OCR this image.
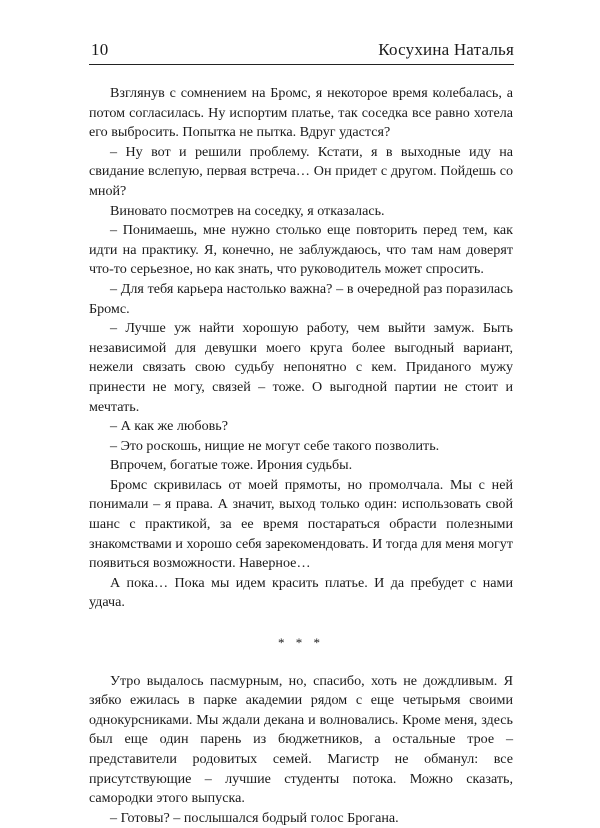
10	Косухина Наталья

Взглянув с сомнением на Бромс, я некоторое время колебалась, а потом согласилась. Ну испортим платье, так соседка все равно хотела его выбросить. Попытка не пытка. Вдруг удастся?

– Ну вот и решили проблему. Кстати, я в выходные иду на свидание вслепую, первая встреча… Он придет с другом. Пойдешь со мной?

Виновато посмотрев на соседку, я отказалась.

– Понимаешь, мне нужно столько еще повторить перед тем, как идти на практику. Я, конечно, не заблуждаюсь, что там нам доверят что-то серьезное, но как знать, что руководитель может спросить.

– Для тебя карьера настолько важна? – в очередной раз поразилась Бромс.

– Лучше уж найти хорошую работу, чем выйти замуж. Быть независимой для девушки моего круга более выгодный вариант, нежели связать свою судьбу непонятно с кем. Приданого мужу принести не могу, связей – тоже. О выгодной партии не стоит и мечтать.

– А как же любовь?

– Это роскошь, нищие не могут себе такого позволить.

Впрочем, богатые тоже. Ирония судьбы.

Бромс скривилась от моей прямоты, но промолчала. Мы с ней понимали – я права. А значит, выход только один: использовать свой шанс с практикой, за ее время постараться обрасти полезными знакомствами и хорошо себя зарекомендовать. И тогда для меня могут появиться возможности. Наверное…

А пока… Пока мы идем красить платье. И да пребудет с нами удача.

* * *

Утро выдалось пасмурным, но, спасибо, хоть не дождливым. Я зябко ежилась в парке академии рядом с еще четырьмя своими однокурсниками. Мы ждали декана и волновались. Кроме меня, здесь был еще один парень из бюджетников, а остальные трое – представители родовитых семей. Магистр не обманул: все присутствующие – лучшие студенты потока. Можно сказать, самородки этого выпуска.

– Готовы? – послышался бодрый голос Брогана.
